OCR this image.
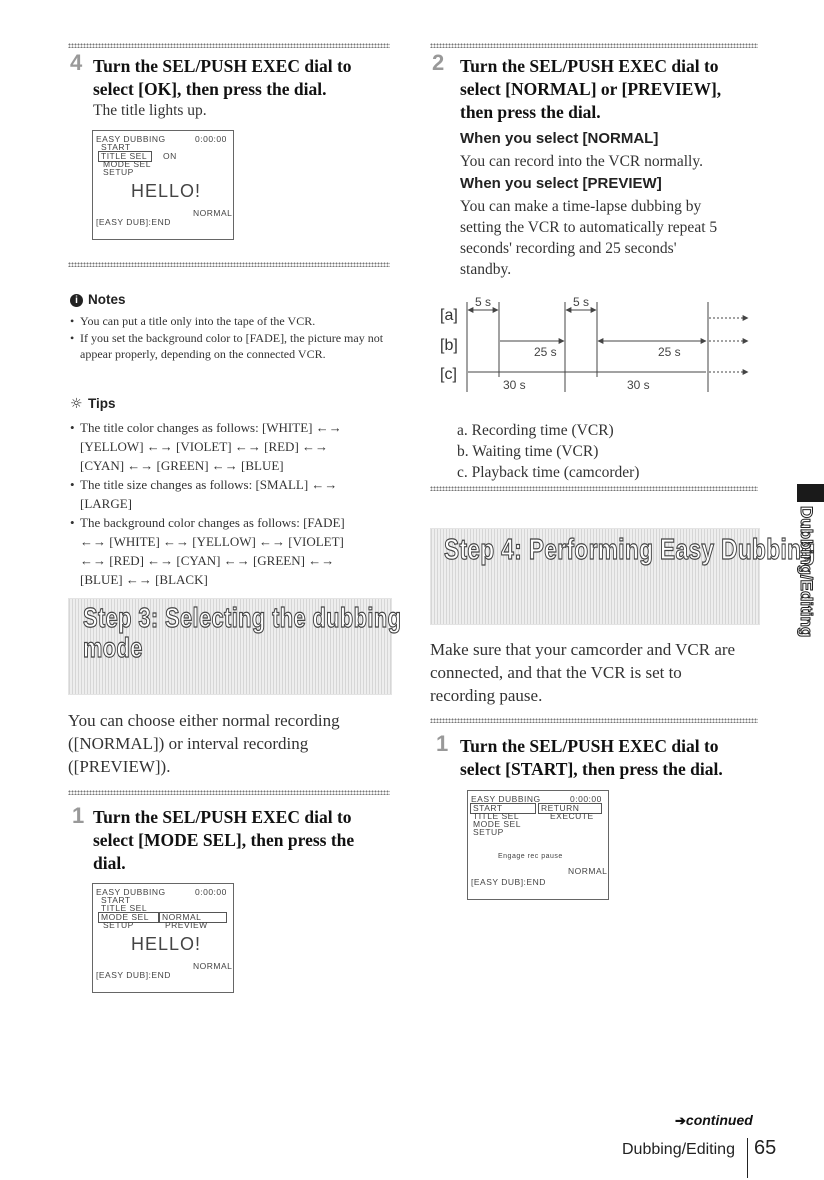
4 Turn the SEL/PUSH EXEC dial to
select [OK], then press the dial.
The title lights up.
EASY DUBBING	0:00:00
START
TITLE SEL	ON
MODE SEL
SETUP
HELLO!
NORMAL
[EASY DUB]:END
i Notes
• You can put a title only into the tape of the VCR.
• If you set the background color to [FADE], the picture may not appear properly, depending on the connected VCR.
☼ Tips
• The title color changes as follows: [WHITE] ←→ [YELLOW] ←→ [VIOLET] ←→ [RED] ←→ [CYAN] ←→ [GREEN] ←→ [BLUE]
• The title size changes as follows: [SMALL] ←→ [LARGE]
• The background color changes as follows: [FADE] ←→ [WHITE] ←→ [YELLOW] ←→ [VIOLET] ←→ [RED] ←→ [CYAN] ←→ [GREEN] ←→ [BLUE] ←→ [BLACK]
Step 3: Selecting the dubbing
mode
You can choose either normal recording ([NORMAL]) or interval recording ([PREVIEW]).
1 Turn the SEL/PUSH EXEC dial to
select [MODE SEL], then press the
dial.
EASY DUBBING	0:00:00
START
TITLE SEL
MODE SEL	NORMAL
SETUP	PREVIEW
HELLO!
NORMAL
[EASY DUB]:END
2 Turn the SEL/PUSH EXEC dial to
select [NORMAL] or [PREVIEW],
then press the dial.
When you select [NORMAL]
You can record into the VCR normally.
When you select [PREVIEW]
You can make a time-lapse dubbing by
setting the VCR to automatically repeat 5
seconds' recording and 25 seconds'
standby.
[a]
[b]
[c]
5 s	5 s
25 s	25 s
30 s	30 s
a. Recording time (VCR)
b. Waiting time (VCR)
c. Playback time (camcorder)
Step 4: Performing Easy Dubbing
Make sure that your camcorder and VCR are
connected, and that the VCR is set to
recording pause.
1 Turn the SEL/PUSH EXEC dial to
select [START], then press the dial.
EASY DUBBING	0:00:00
START	RETURN
TITLE SEL	EXECUTE
MODE SEL
SETUP
Engage rec pause
NORMAL
[EASY DUB]:END
Dubbing/Editing
➔continued
Dubbing/Editing 65
